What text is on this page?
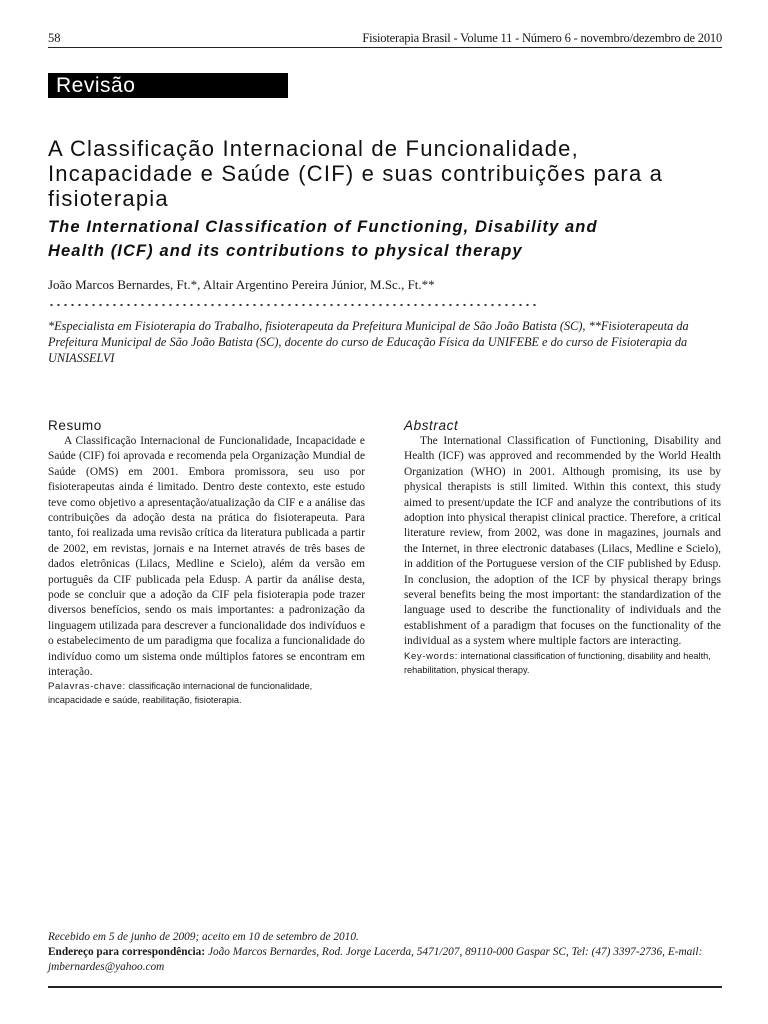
58	Fisioterapia Brasil - Volume 11 - Número 6 - novembro/dezembro de 2010
Revisão
A Classificação Internacional de Funcionalidade, Incapacidade e Saúde (CIF) e suas contribuições para a fisioterapia
The International Classification of Functioning, Disability and Health (ICF) and its contributions to physical therapy
João Marcos Bernardes, Ft.*, Altair Argentino Pereira Júnior, M.Sc., Ft.**
*Especialista em Fisioterapia do Trabalho, fisioterapeuta da Prefeitura Municipal de São João Batista (SC), **Fisioterapeuta da Prefeitura Municipal de São João Batista (SC), docente do curso de Educação Física da UNIFEBE e do curso de Fisioterapia da UNIASSELVI
Resumo

A Classificação Internacional de Funcionalidade, Incapacidade e Saúde (CIF) foi aprovada e recomenda pela Organização Mundial de Saúde (OMS) em 2001. Embora promissora, seu uso por fisioterapeutas ainda é limitado. Dentro deste contexto, este estudo teve como objetivo a apresentação/atualização da CIF e a análise das contribuições da adoção desta na prática do fisioterapeuta. Para tanto, foi realizada uma revisão crítica da literatura publicada a partir de 2002, em revistas, jornais e na Internet através de três bases de dados eletrônicas (Lilacs, Medline e Scielo), além da versão em português da CIF publicada pela Edusp. A partir da análise desta, pode se concluir que a adoção da CIF pela fisioterapia pode trazer diversos benefícios, sendo os mais importantes: a padronização da linguagem utilizada para descrever a funcionalidade dos indivíduos e o estabelecimento de um paradigma que focaliza a funcionalidade do indivíduo como um sistema onde múltiplos fatores se encontram em interação.

Palavras-chave: classificação internacional de funcionalidade, incapacidade e saúde, reabilitação, fisioterapia.
Abstract

The International Classification of Functioning, Disability and Health (ICF) was approved and recommended by the World Health Organization (WHO) in 2001. Although promising, its use by physical therapists is still limited. Within this context, this study aimed to present/update the ICF and analyze the contributions of its adoption into physical therapist clinical practice. Therefore, a critical literature review, from 2002, was done in magazines, journals and the Internet, in three electronic databases (Lilacs, Medline e Scielo), in addition of the Portuguese version of the CIF published by Edusp. In conclusion, the adoption of the ICF by physical therapy brings several benefits being the most important: the standardization of the language used to describe the functionality of individuals and the establishment of a paradigm that focuses on the functionality of the individual as a system where multiple factors are interacting.

Key-words: international classification of functioning, disability and health, rehabilitation, physical therapy.
Recebido em 5 de junho de 2009; aceito em 10 de setembro de 2010.
Endereço para correspondência: João Marcos Bernardes, Rod. Jorge Lacerda, 5471/207, 89110-000 Gaspar SC, Tel: (47) 3397-2736, E-mail: jmbernardes@yahoo.com
